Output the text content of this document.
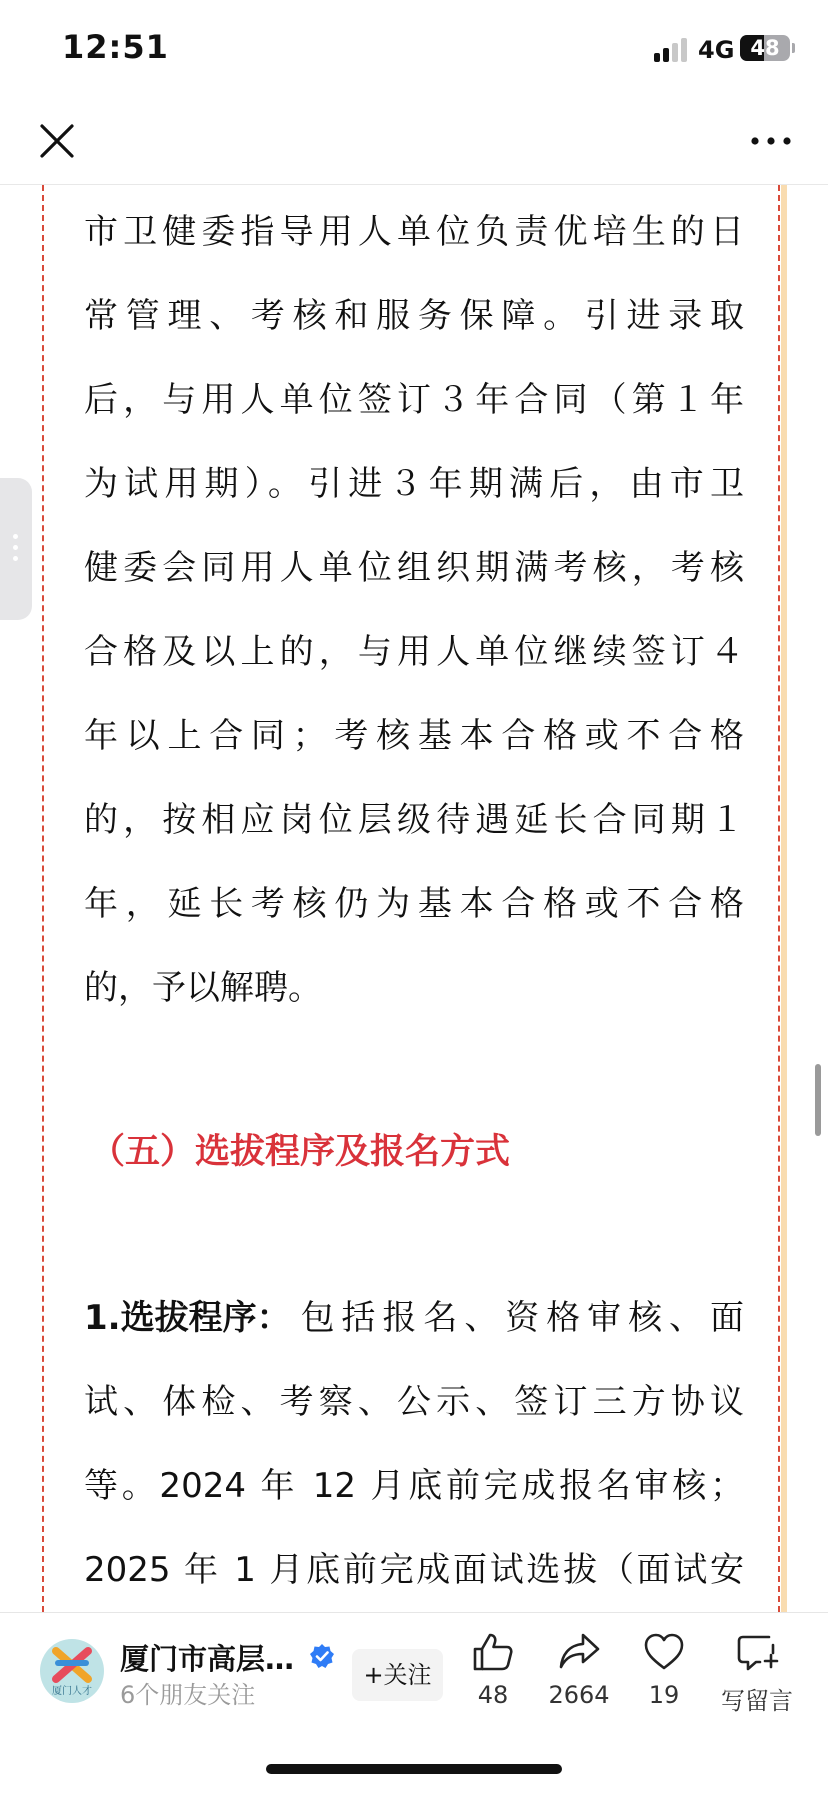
12:51	4G 48
市卫健委指导用人单位负责优培生的日
常管理、考核和服务保障。引进录取
后，与用人单位签订３年合同（第１年
为试用期）。引进３年期满后，由市卫
健委会同用人单位组织期满考核，考核
合格及以上的，与用人单位继续签订４
年以上合同；考核基本合格或不合格
的，按相应岗位层级待遇延长合同期１
年，延长考核仍为基本合格或不合格
的，予以解聘。
（五）选拔程序及报名方式
1.选拔程序： 包括报名、资格审核、面
试、体检、考察、公示、签订三方协议
等。2024 年 12 月底前完成报名审核；
2025 年 1 月底前完成面试选拔（面试安
厦门人才
厦门市高层…
6个朋友关注
+关注
48	2664	19	写留言
